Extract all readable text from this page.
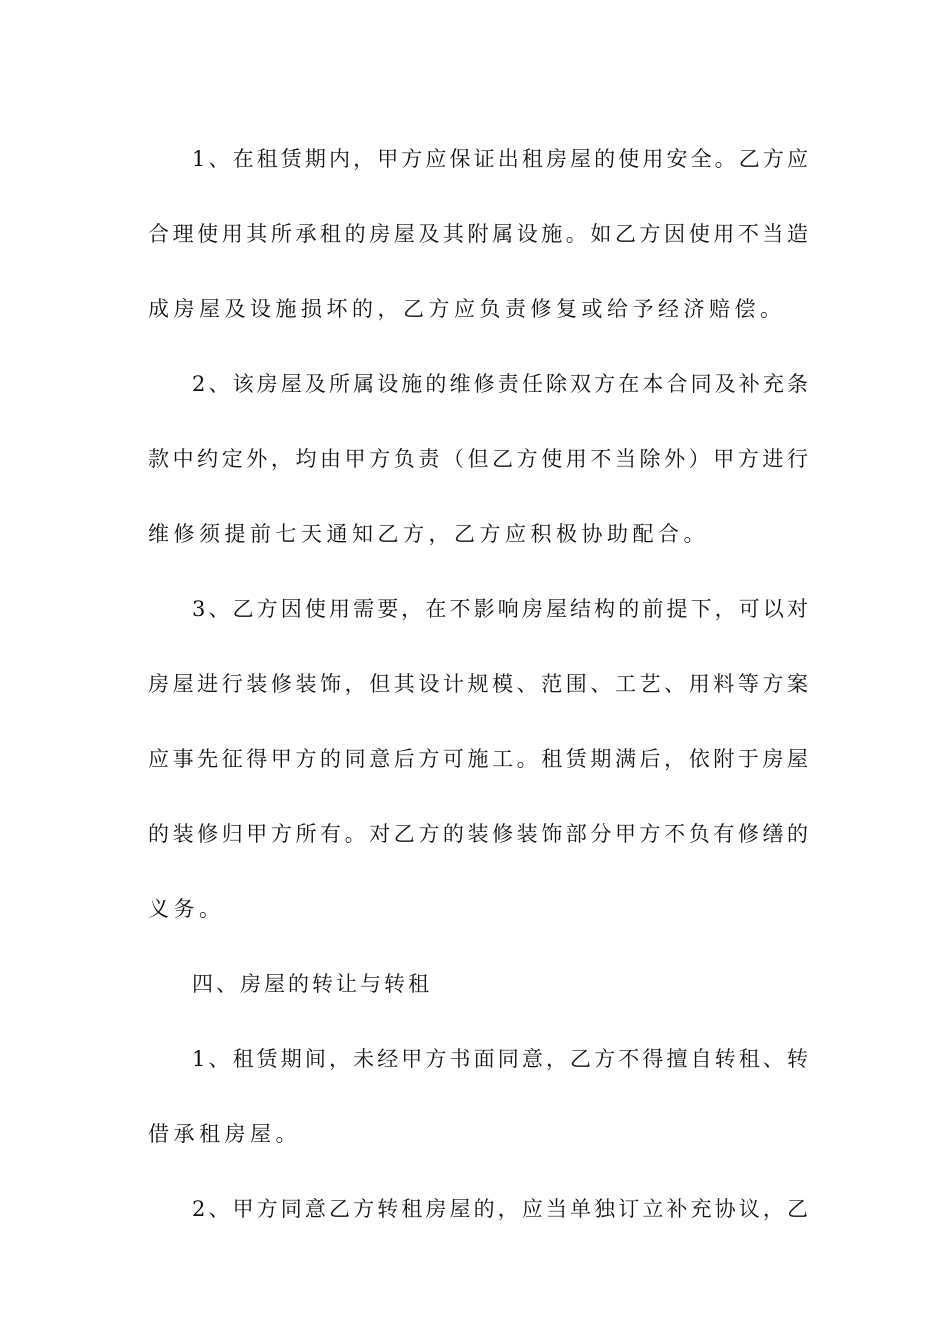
1、在租赁期内，甲方应保证出租房屋的使用安全。乙方应
合理使用其所承租的房屋及其附属设施。如乙方因使用不当造
成房屋及设施损坏的，乙方应负责修复或给予经济赔偿。
2、该房屋及所属设施的维修责任除双方在本合同及补充条
款中约定外，均由甲方负责（但乙方使用不当除外）甲方进行
维修须提前七天通知乙方，乙方应积极协助配合。
3、乙方因使用需要，在不影响房屋结构的前提下，可以对
房屋进行装修装饰，但其设计规模、范围、工艺、用料等方案
应事先征得甲方的同意后方可施工。租赁期满后，依附于房屋
的装修归甲方所有。对乙方的装修装饰部分甲方不负有修缮的
义务。
四、房屋的转让与转租
1、租赁期间，未经甲方书面同意，乙方不得擅自转租、转
借承租房屋。
2、甲方同意乙方转租房屋的，应当单独订立补充协议，乙
